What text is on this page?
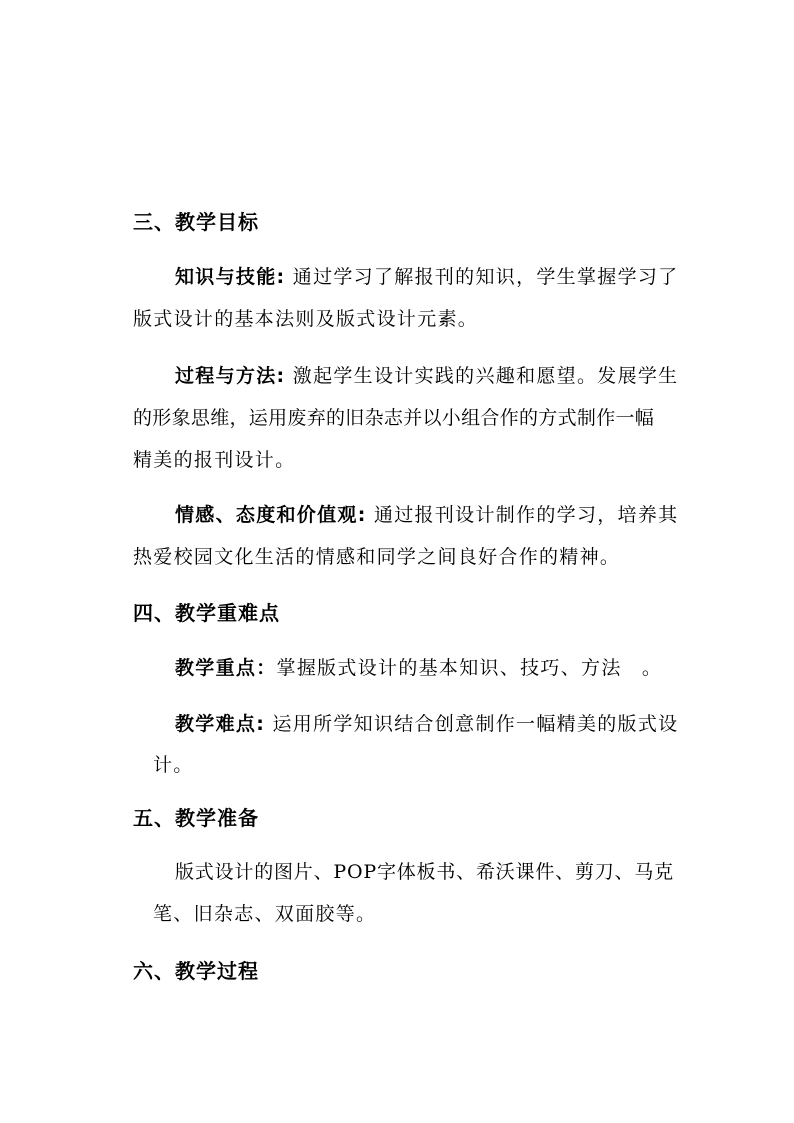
三、教学目标
知识与技能: 通过学习了解报刊的知识，学生掌握学习了
版式设计的基本法则及版式设计元素。
过程与方法: 激起学生设计实践的兴趣和愿望。发展学生
的形象思维，运用废弃的旧杂志并以小组合作的方式制作一幅
精美的报刊设计。
情感、态度和价值观: 通过报刊设计制作的学习，培养其
热爱校园文化生活的情感和同学之间良好合作的精神。
四、教学重难点
教学重点：掌握版式设计的基本知识、技巧、方法　。
教学难点: 运用所学知识结合创意制作一幅精美的版式设
计。
五、教学准备
版式设计的图片、POP字体板书、希沃课件、剪刀、马克
笔、旧杂志、双面胶等。
六、教学过程
